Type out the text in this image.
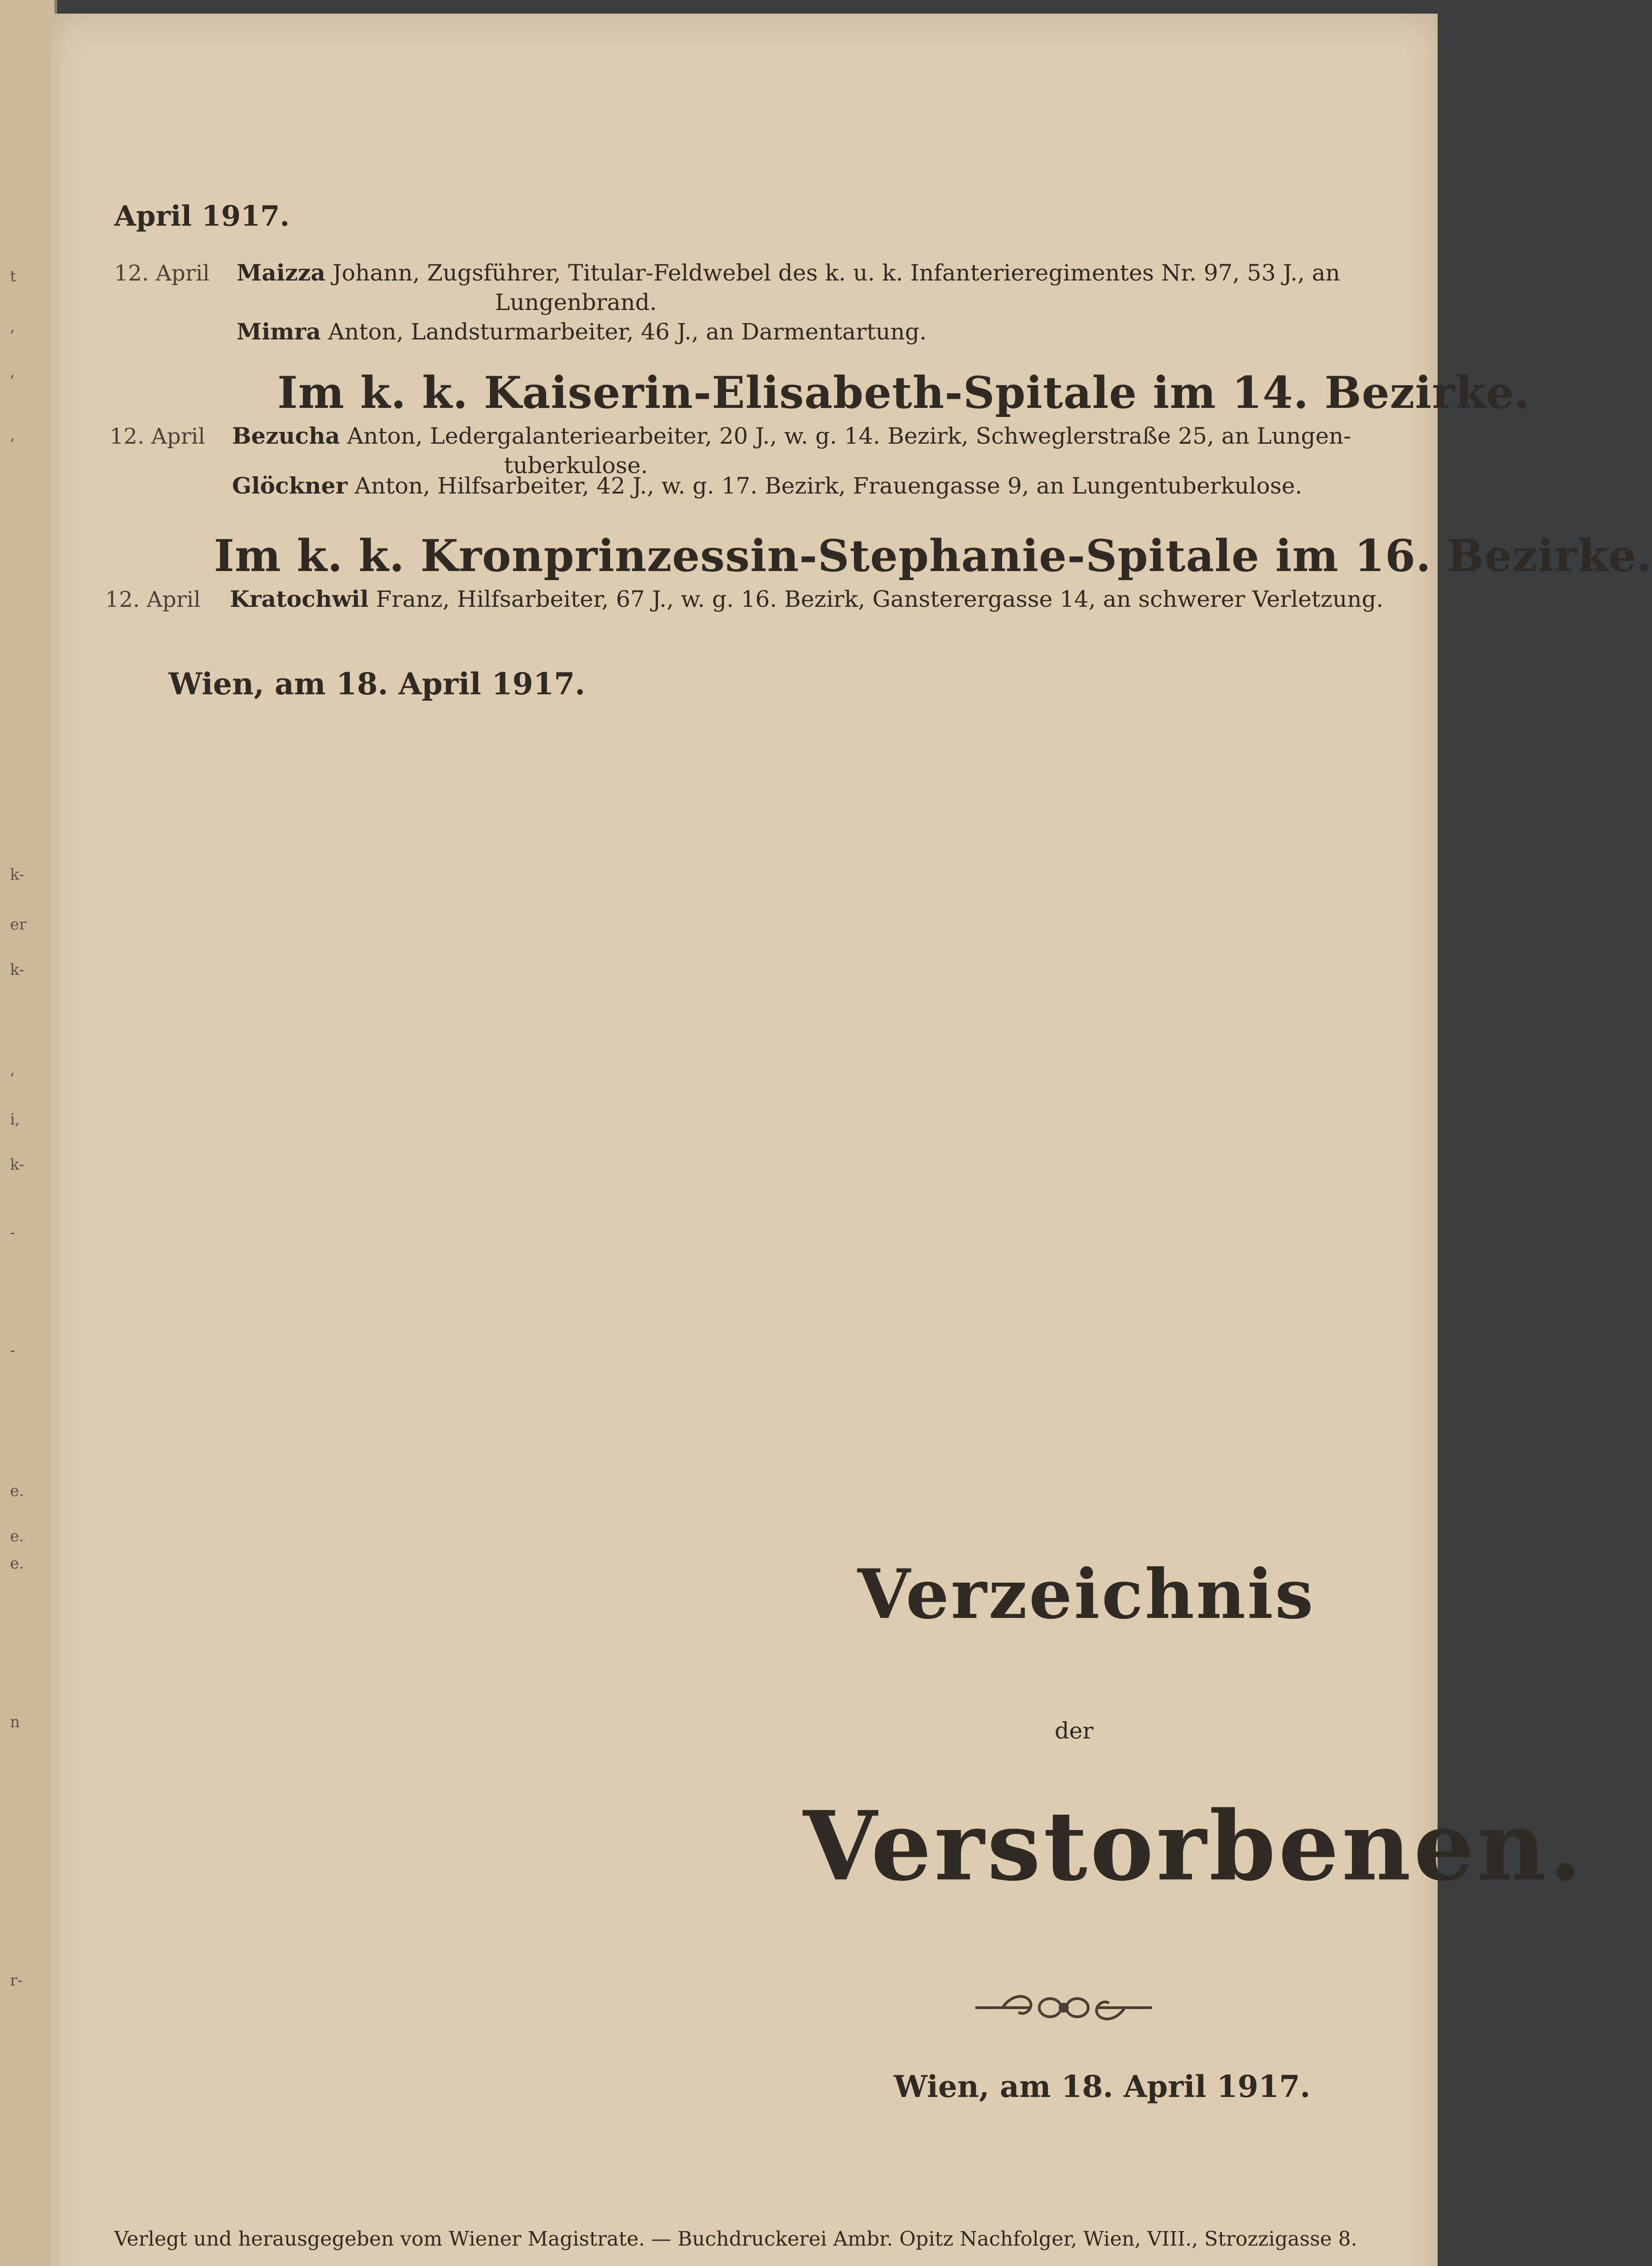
t
,
,
,
k-
er
k-
,
i,
k-
-
-
e.
e.
e.
n
r-
April 1917.
12. April Maizza Johann, Zugsführer, Titular-Feldwebel des k. u. k. Infanterieregimentes Nr. 97, 53 J., an
Lungenbrand.
Mimra Anton, Landsturmarbeiter, 46 J., an Darmentartung.
Im k. k. Kaiserin-Elisabeth-Spitale im 14. Bezirke.
12. April Bezucha Anton, Ledergalanteriearbeiter, 20 J., w. g. 14. Bezirk, Schweglerstraße 25, an Lungen-
tuberkulose.
Glöckner Anton, Hilfsarbeiter, 42 J., w. g. 17. Bezirk, Frauengasse 9, an Lungentuberkulose.
Im k. k. Kronprinzessin-Stephanie-Spitale im 16. Bezirke.
12. April Kratochwil Franz, Hilfsarbeiter, 67 J., w. g. 16. Bezirk, Gansterergasse 14, an schwerer Verletzung.
Wien, am 18. April 1917.
Verzeichnis
der
Verstorbenen.
Wien, am 18. April 1917.
Verlegt und herausgegeben vom Wiener Magistrate. — Buchdruckerei Ambr. Opitz Nachfolger, Wien, VIII., Strozzigasse 8.
